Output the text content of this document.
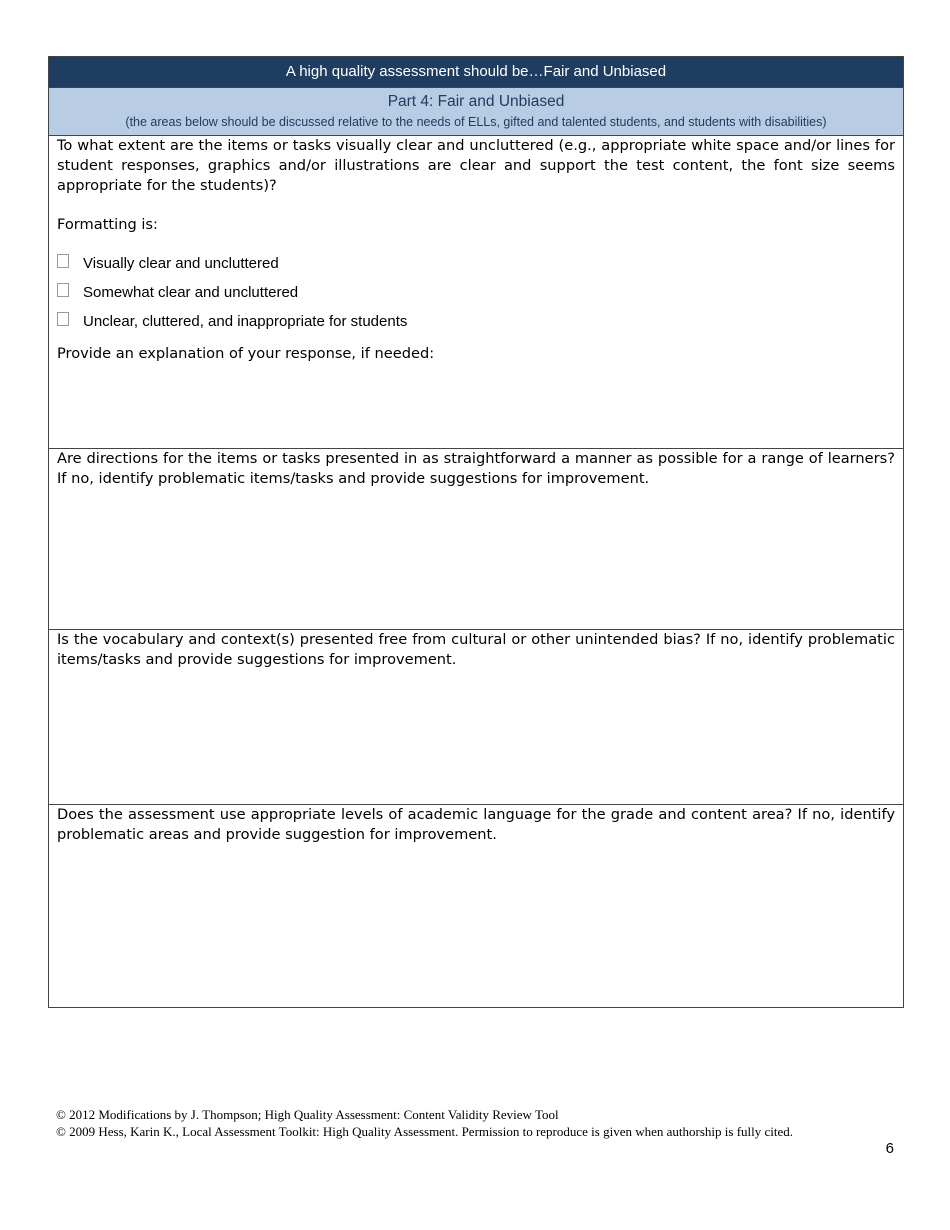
A high quality assessment should be…Fair and Unbiased
Part 4: Fair and Unbiased
(the areas below should be discussed relative to the needs of ELLs, gifted and talented students, and students with disabilities)

To what extent are the items or tasks visually clear and uncluttered (e.g., appropriate white space and/or lines for student responses, graphics and/or illustrations are clear and support the test content, the font size seems appropriate for the students)?

Formatting is:

Visually clear and uncluttered
Somewhat clear and uncluttered
Unclear, cluttered, and inappropriate for students

Provide an explanation of your response, if needed:

Are directions for the items or tasks presented in as straightforward a manner as possible for a range of learners? If no, identify problematic items/tasks and provide suggestions for improvement.

Is the vocabulary and context(s) presented free from cultural or other unintended bias? If no, identify problematic items/tasks and provide suggestions for improvement.

Does the assessment use appropriate levels of academic language for the grade and content area? If no, identify problematic areas and provide suggestion for improvement.

© 2012 Modifications by J. Thompson; High Quality Assessment: Content Validity Review Tool
© 2009 Hess, Karin K., Local Assessment Toolkit: High Quality Assessment. Permission to reproduce is given when authorship is fully cited.
6
